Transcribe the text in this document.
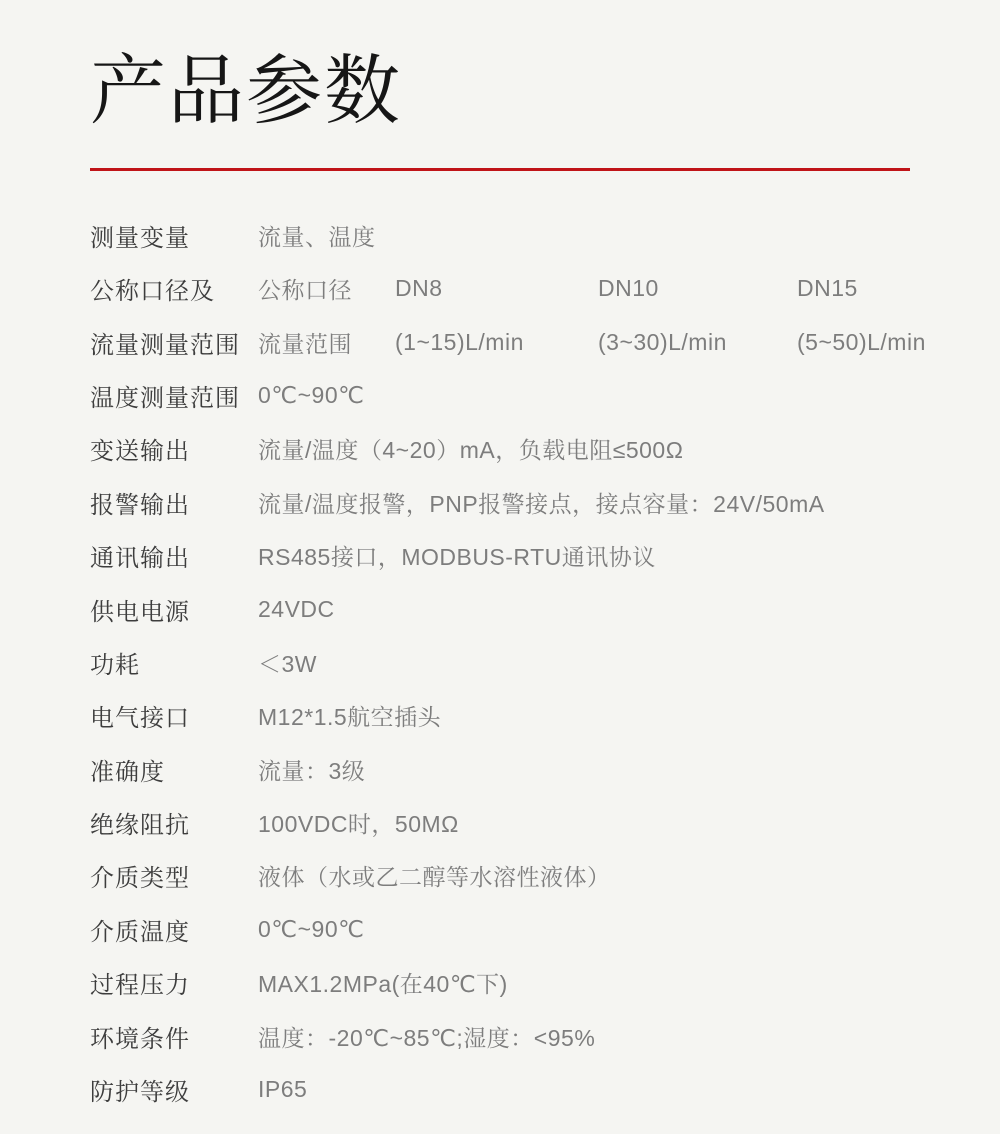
产品参数
测量变量	流量、温度
公称口径及
流量测量范围
公称口径	DN8	DN10	DN15
流量范围	(1~15)L/min	(3~30)L/min	(5~50)L/min
温度测量范围 0℃~90℃
变送输出	流量/温度（4~20）mA，负载电阻≤500Ω
报警输出	流量/温度报警，PNP报警接点，接点容量：24V/50mA
通讯输出	RS485接口，MODBUS-RTU通讯协议
供电电源	24VDC
功耗	＜3W
电气接口	M12*1.5航空插头
准确度	流量：3级
绝缘阻抗	100VDC时，50MΩ
介质类型	液体（水或乙二醇等水溶性液体）
介质温度	0℃~90℃
过程压力	MAX1.2MPa(在40℃下)
环境条件	温度：-20℃~85℃;湿度：<95%
防护等级	IP65
